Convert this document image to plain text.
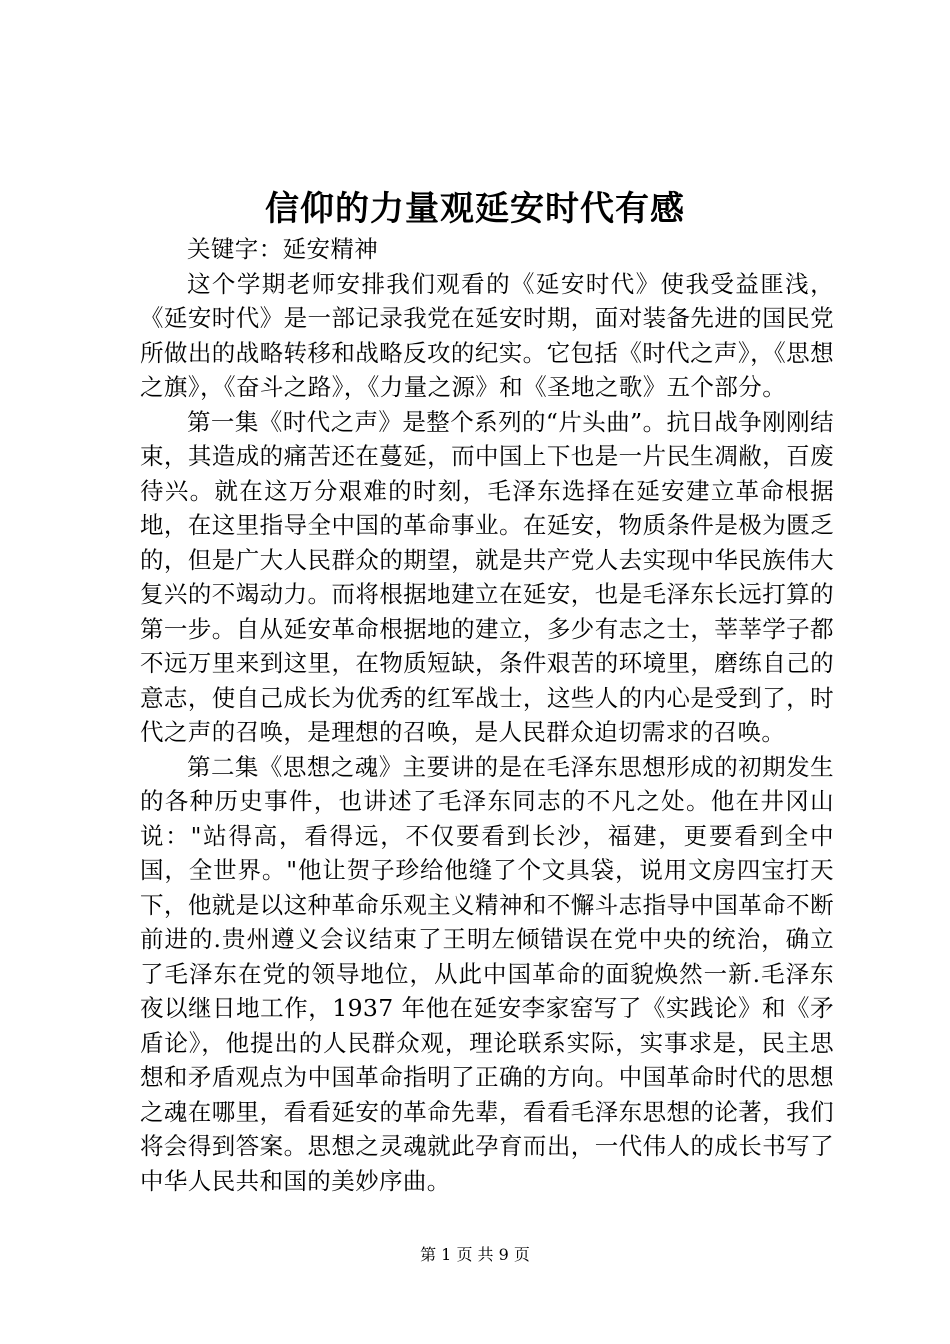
信仰的力量观延安时代有感

关键字：延安精神

这个学期老师安排我们观看的《延安时代》使我受益匪浅，《延安时代》是一部记录我党在延安时期，面对装备先进的国民党所做出的战略转移和战略反攻的纪实。它包括《时代之声》，《思想之旗》，《奋斗之路》，《力量之源》和《圣地之歌》五个部分。

第一集《时代之声》是整个系列的“片头曲”。抗日战争刚刚结束，其造成的痛苦还在蔓延，而中国上下也是一片民生凋敝，百废待兴。就在这万分艰难的时刻，毛泽东选择在延安建立革命根据地，在这里指导全中国的革命事业。在延安，物质条件是极为匮乏的，但是广大人民群众的期望，就是共产党人去实现中华民族伟大复兴的不竭动力。而将根据地建立在延安，也是毛泽东长远打算的第一步。自从延安革命根据地的建立，多少有志之士，莘莘学子都不远万里来到这里，在物质短缺，条件艰苦的环境里，磨练自己的意志，使自己成长为优秀的红军战士，这些人的内心是受到了，时代之声的召唤，是理想的召唤，是人民群众迫切需求的召唤。

第二集《思想之魂》主要讲的是在毛泽东思想形成的初期发生的各种历史事件，也讲述了毛泽东同志的不凡之处。他在井冈山说："站得高，看得远，不仅要看到长沙，福建，更要看到全中国，全世界。"他让贺子珍给他缝了个文具袋，说用文房四宝打天下，他就是以这种革命乐观主义精神和不懈斗志指导中国革命不断前进的.贵州遵义会议结束了王明左倾错误在党中央的统治，确立了毛泽东在党的领导地位，从此中国革命的面貌焕然一新.毛泽东夜以继日地工作，1937 年他在延安李家窑写了《实践论》和《矛盾论》，他提出的人民群众观，理论联系实际，实事求是，民主思想和矛盾观点为中国革命指明了正确的方向。中国革命时代的思想之魂在哪里，看看延安的革命先辈，看看毛泽东思想的论著，我们将会得到答案。思想之灵魂就此孕育而出，一代伟人的成长书写了中华人民共和国的美妙序曲。

第 1 页 共 9 页
